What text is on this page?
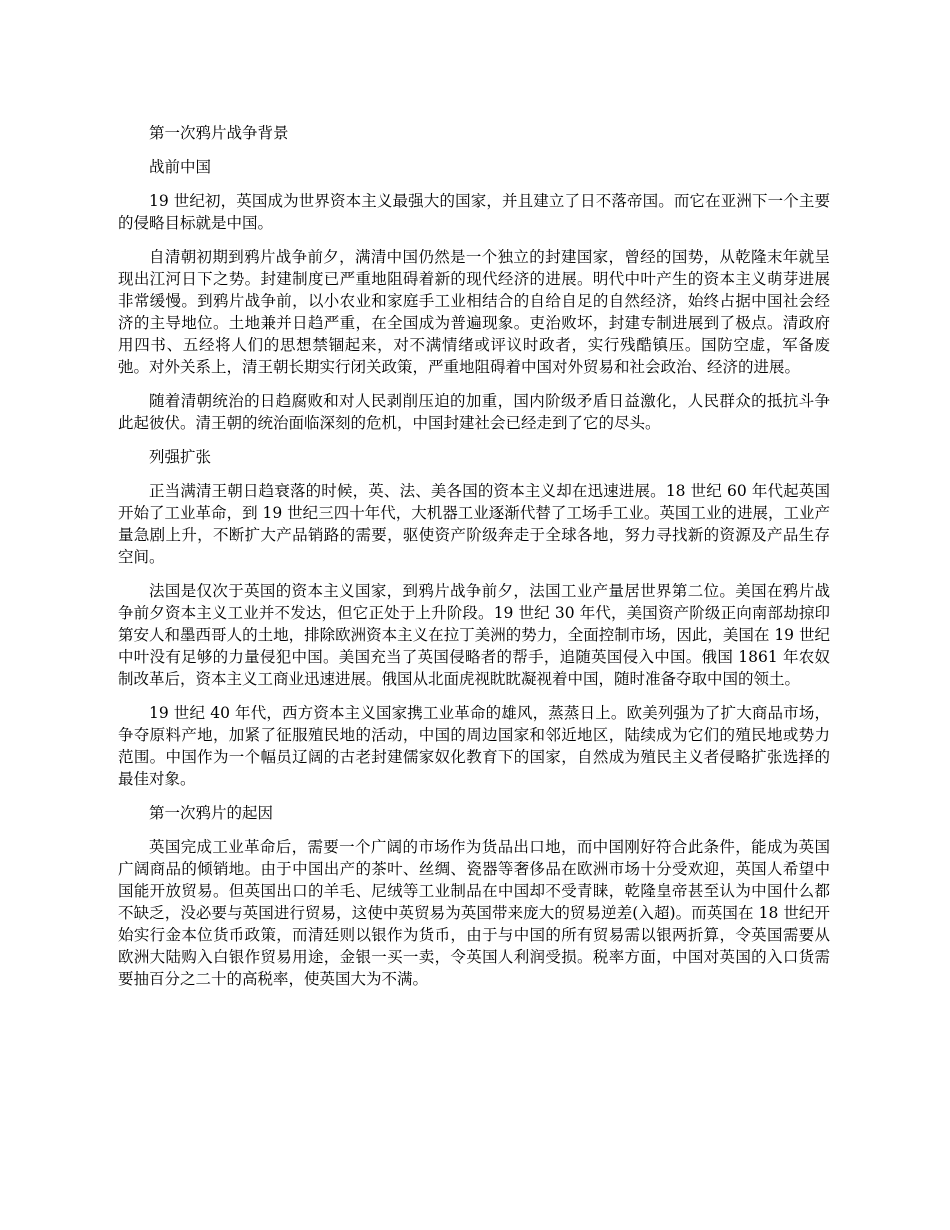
第一次鸦片战争背景

战前中国

19 世纪初，英国成为世界资本主义最强大的国家，并且建立了日不落帝国。而它在亚洲下一个主要的侵略目标就是中国。

自清朝初期到鸦片战争前夕，满清中国仍然是一个独立的封建国家，曾经的国势，从乾隆末年就呈现出江河日下之势。封建制度已严重地阻碍着新的现代经济的进展。明代中叶产生的资本主义萌芽进展非常缓慢。到鸦片战争前，以小农业和家庭手工业相结合的自给自足的自然经济，始终占据中国社会经济的主导地位。土地兼并日趋严重，在全国成为普遍现象。吏治败坏，封建专制进展到了极点。清政府用四书、五经将人们的思想禁锢起来，对不满情绪或评议时政者，实行残酷镇压。国防空虚，军备废弛。对外关系上，清王朝长期实行闭关政策，严重地阻碍着中国对外贸易和社会政治、经济的进展。

随着清朝统治的日趋腐败和对人民剥削压迫的加重，国内阶级矛盾日益激化，人民群众的抵抗斗争此起彼伏。清王朝的统治面临深刻的危机，中国封建社会已经走到了它的尽头。

列强扩张

正当满清王朝日趋衰落的时候，英、法、美各国的资本主义却在迅速进展。18 世纪 60 年代起英国开始了工业革命，到 19 世纪三四十年代，大机器工业逐渐代替了工场手工业。英国工业的进展，工业产量急剧上升，不断扩大产品销路的需要，驱使资产阶级奔走于全球各地，努力寻找新的资源及产品生存空间。

法国是仅次于英国的资本主义国家，到鸦片战争前夕，法国工业产量居世界第二位。美国在鸦片战争前夕资本主义工业并不发达，但它正处于上升阶段。19 世纪 30 年代，美国资产阶级正向南部劫掠印第安人和墨西哥人的土地，排除欧洲资本主义在拉丁美洲的势力，全面控制市场，因此，美国在 19 世纪中叶没有足够的力量侵犯中国。美国充当了英国侵略者的帮手，追随英国侵入中国。俄国 1861 年农奴制改革后，资本主义工商业迅速进展。俄国从北面虎视眈眈凝视着中国，随时准备夺取中国的领土。

19 世纪 40 年代，西方资本主义国家携工业革命的雄风，蒸蒸日上。欧美列强为了扩大商品市场，争夺原料产地，加紧了征服殖民地的活动，中国的周边国家和邻近地区，陆续成为它们的殖民地或势力范围。中国作为一个幅员辽阔的古老封建儒家奴化教育下的国家，自然成为殖民主义者侵略扩张选择的最佳对象。

第一次鸦片的起因

英国完成工业革命后，需要一个广阔的市场作为货品出口地，而中国刚好符合此条件，能成为英国广阔商品的倾销地。由于中国出产的茶叶、丝绸、瓷器等奢侈品在欧洲市场十分受欢迎，英国人希望中国能开放贸易。但英国出口的羊毛、尼绒等工业制品在中国却不受青睐，乾隆皇帝甚至认为中国什么都不缺乏，没必要与英国进行贸易，这使中英贸易为英国带来庞大的贸易逆差(入超)。而英国在 18 世纪开始实行金本位货币政策，而清廷则以银作为货币，由于与中国的所有贸易需以银两折算，令英国需要从欧洲大陆购入白银作贸易用途，金银一买一卖，令英国人利润受损。税率方面，中国对英国的入口货需要抽百分之二十的高税率，使英国大为不满。
